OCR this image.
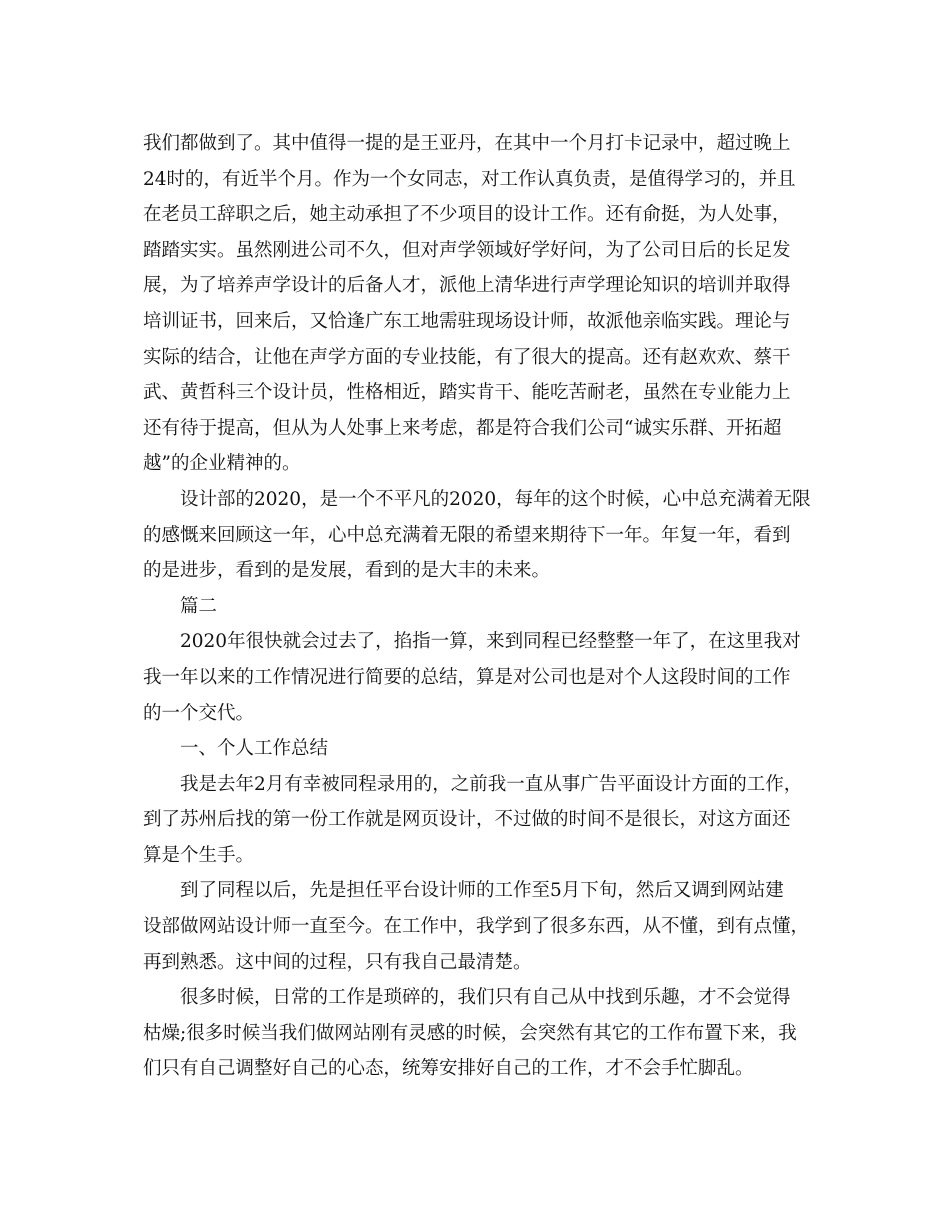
我们都做到了。其中值得一提的是王亚丹，在其中一个月打卡记录中，超过晚上
24时的，有近半个月。作为一个女同志，对工作认真负责，是值得学习的，并且
在老员工辞职之后，她主动承担了不少项目的设计工作。还有俞挺，为人处事，
踏踏实实。虽然刚进公司不久，但对声学领域好学好问，为了公司日后的长足发
展，为了培养声学设计的后备人才，派他上清华进行声学理论知识的培训并取得
培训证书，回来后，又恰逢广东工地需驻现场设计师，故派他亲临实践。理论与
实际的结合，让他在声学方面的专业技能，有了很大的提高。还有赵欢欢、蔡干
武、黄哲科三个设计员，性格相近，踏实肯干、能吃苦耐老，虽然在专业能力上
还有待于提高，但从为人处事上来考虑，都是符合我们公司“诚实乐群、开拓超
越”的企业精神的。
设计部的2020，是一个不平凡的2020，每年的这个时候，心中总充满着无限
的感慨来回顾这一年，心中总充满着无限的希望来期待下一年。年复一年，看到
的是进步，看到的是发展，看到的是大丰的未来。
篇二
2020年很快就会过去了，掐指一算，来到同程已经整整一年了，在这里我对
我一年以来的工作情况进行简要的总结，算是对公司也是对个人这段时间的工作
的一个交代。
一、个人工作总结
我是去年2月有幸被同程录用的，之前我一直从事广告平面设计方面的工作，
到了苏州后找的第一份工作就是网页设计，不过做的时间不是很长，对这方面还
算是个生手。
到了同程以后，先是担任平台设计师的工作至5月下旬，然后又调到网站建
设部做网站设计师一直至今。在工作中，我学到了很多东西，从不懂，到有点懂，
再到熟悉。这中间的过程，只有我自己最清楚。
很多时候，日常的工作是琐碎的，我们只有自己从中找到乐趣，才不会觉得
枯燥;很多时候当我们做网站刚有灵感的时候，会突然有其它的工作布置下来，我
们只有自己调整好自己的心态，统筹安排好自己的工作，才不会手忙脚乱。
